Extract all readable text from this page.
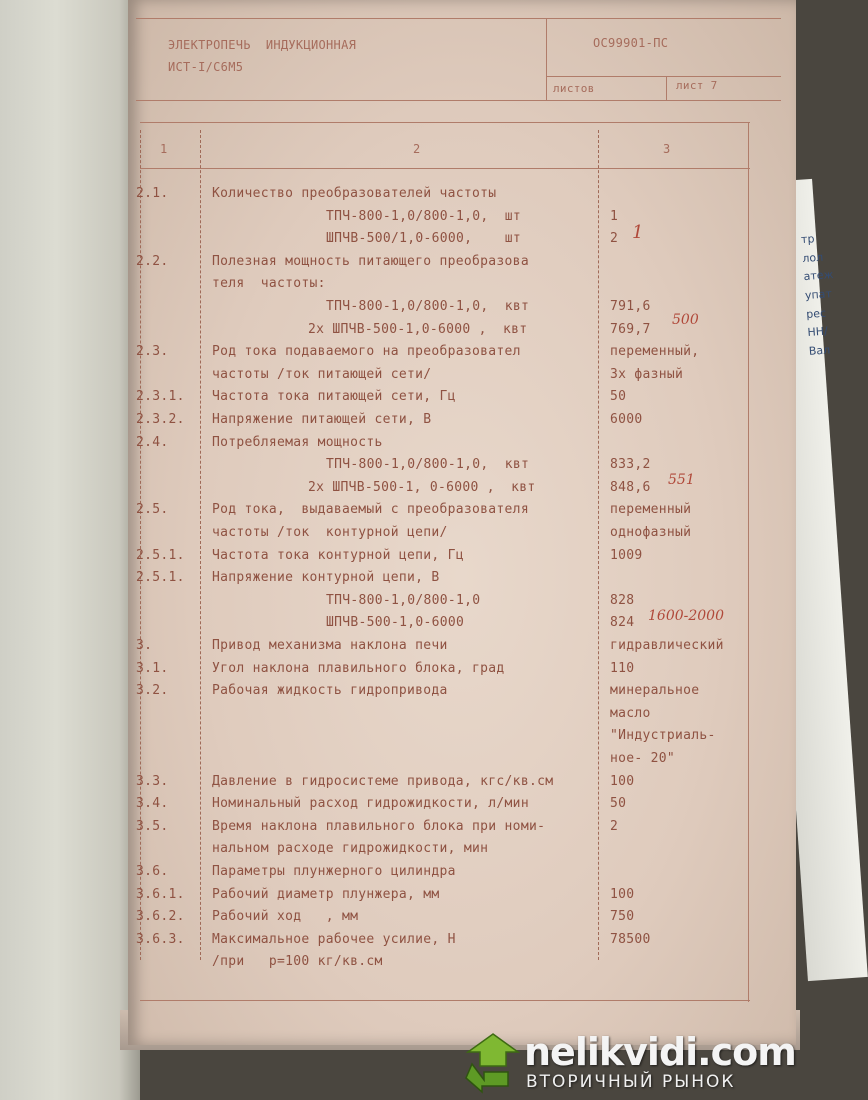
тр
лол
атеж
упат
рес
НН/
Вал
ЭЛЕКТРОПЕЧЬ  ИНДУКЦИОННАЯ
ИСТ-I/С6М5
ОС99901-ПС
листов	лист 7
1	2	3
2.1.	Количество преобразователей частоты
ТПЧ-800-1,0/800-1,0,  шт	1
ШПЧВ-500/1,0-6000,    шт	2
2.2.	Полезная мощность питающего преобразова
теля  частоты:
ТПЧ-800-1,0/800-1,0,  квт	791,6
2х ШПЧВ-500-1,0-6000 ,  квт	769,7
2.3.	Род тока подаваемого на преобразовател	переменный,
частоты /ток питающей сети/	3х фазный
2.3.1. Частота тока питающей сети, Гц	50
2.3.2. Напряжение питающей сети, В	6000
2.4.	Потребляемая мощность
ТПЧ-800-1,0/800-1,0,  квт	833,2
2х ШПЧВ-500-1, 0-6000 ,  квт	848,6
2.5.	Род тока,  выдаваемый с преобразователя	переменный
частоты /ток  контурной цепи/	однофазный
2.5.1. Частота тока контурной цепи, Гц	1009
2.5.1. Напряжение контурной цепи, В
ТПЧ-800-1,0/800-1,0	828
ШПЧВ-500-1,0-6000	824
3.	Привод механизма наклона печи	гидравлический
3.1.	Угол наклона плавильного блока, град	110
3.2.	Рабочая жидкость гидропривода	минеральное
масло
"Индустриаль-
ное- 20"
3.3.	Давление в гидросистеме привода, кгс/кв.см	100
3.4.	Номинальный расход гидрожидкости, л/мин	50
3.5.	Время наклона плавильного блока при номи-	2
нальном расходе гидрожидкости, мин
3.6.	Параметры плунжерного цилиндра
3.6.1. Рабочий диаметр плунжера, мм	100
3.6.2. Рабочий ход   , мм	750
3.6.3. Максимальное рабочее усилие, Н	78500
/при   р=100 кг/кв.см
1
500
551
1600-2000
nelikvidi.com
ВТОРИЧНЫЙ РЫНОК
